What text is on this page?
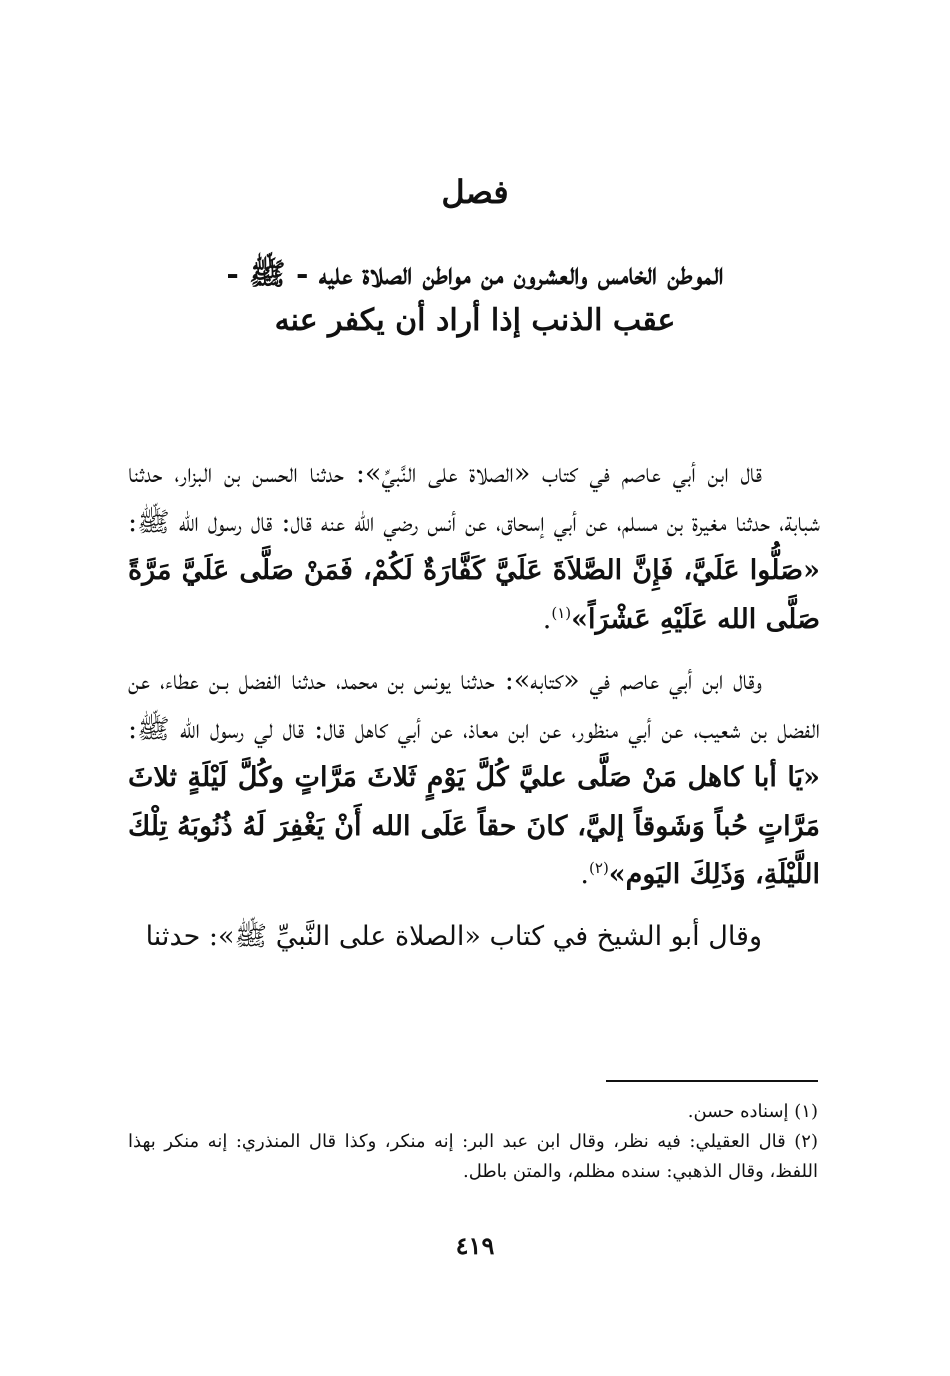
فصل
الموطن الخامس والعشرون من مواطن الصلاة عليه - ﷺ -
عقب الذنب إذا أراد أن يكفر عنه

قال ابن أبي عاصم في كتاب «الصلاة على النَّبيِّ»: حدثنا الحسن بن البزار، حدثنا شبابة، حدثنا مغيرة بن مسلم، عن أبي إسحاق، عن أنس رضي الله عنه قال: قال رسول الله ﷺ: «صَلُّوا عَلَيَّ، فَإِنَّ الصَّلاَةَ عَلَيَّ كَفَّارَةٌ لَكُمْ، فَمَنْ صَلَّى عَلَيَّ مَرَّةً صَلَّى الله عَلَيْهِ عَشْرَاً»$^{(١)}$.

وقال ابن أبي عاصم في «كتابه»: حدثنا يونس بن محمد، حدثنا الفضل بـن عطاء، عن الفضل بن شعيب، عن أبي منظور، عن ابن معاذ، عن أبي كاهل قال: قال لي رسول الله ﷺ: «يَا أبا كاهل مَنْ صَلَّى عليَّ كُلَّ يَوْمٍ ثَلاثَ مَرَّاتٍ وكُلَّ لَيْلَةٍ ثلاثَ مَرَّاتٍ حُباً وَشَوقاً إليَّ، كانَ حقاً عَلَى الله أَنْ يَغْفِرَ لَهُ ذُنُوبَهُ تِلْكَ اللَّيْلَةِ، وَذَلِكَ اليَوم»$^{(٢)}$.

وقال أبو الشيخ في كتاب «الصلاة على النَّبيِّ ﷺ»: حدثنا

(١) إسناده حسن.

(٢) قال العقيلي: فيه نظر، وقال ابن عبد البر: إنه منكر، وكذا قال المنذري: إنه منكر بهذا اللفظ، وقال الذهبي: سنده مظلم، والمتن باطل.

٤١٩
